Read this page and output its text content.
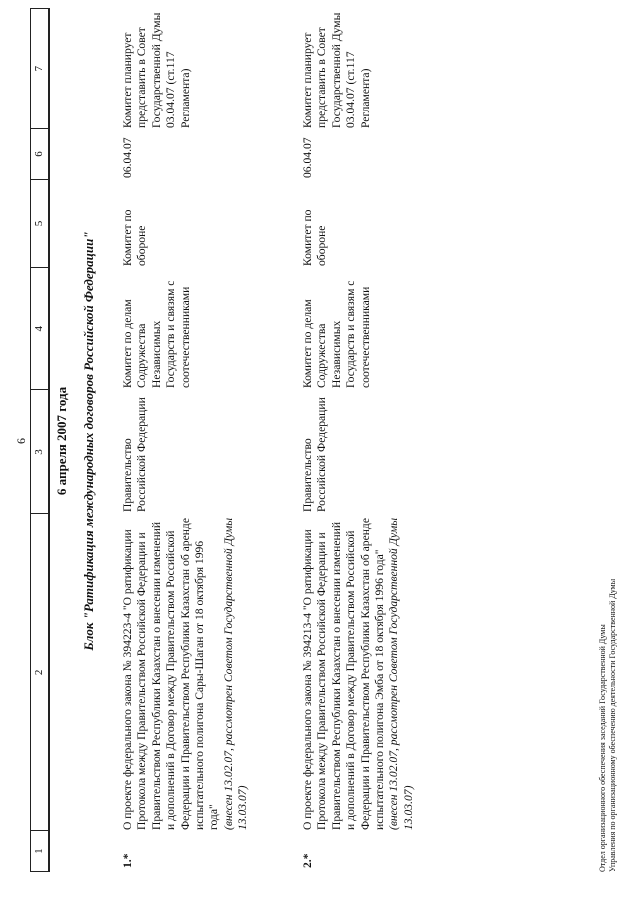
6
1
2
3
4
5
6
7
6 апреля 2007 года Блок "Ратификация международных договоров Российской Федерации"
1.*
О проекте федерального закона № 394223-4 "О ратификации Протокола между Правительством Российской Федерации и Правительством Республики Казахстан о внесении изменений и дополнений в Договор между Правительством Российской Федерации и Правительством Республики Казахстан об аренде испытательного полигона Сары-Шаган от 18 октября 1996 года" (внесен 13.02.07, рассмотрен Советом Государственной Думы 13.03.07)
Правительство Российской Федерации
Комитет по делам Содружества Независимых Государств и связям с соотечественниками
Комитет по обороне
06.04.07
Комитет планирует представить в Совет Государственной Думы 03.04.07 (ст.117 Регламента)
2.*
О проекте федерального закона № 394213-4 "О ратификации Протокола между Правительством Российской Федерации и Правительством Республики Казахстан о внесении изменений и дополнений в Договор между Правительством Российской Федерации и Правительством Республики Казахстан об аренде испытательного полигона Эмба от 18 октября 1996 года" (внесен 13.02.07, рассмотрен Советом Государственной Думы 13.03.07)
Правительство Российской Федерации
Комитет по делам Содружества Независимых Государств и связям с соотечественниками
Комитет по обороне
06.04.07
Комитет планирует представить в Совет Государственной Думы 03.04.07 (ст.117 Регламента)
Отдел организационного обеспечения заседаний Государственной Думы Управления по организационному обеспечению деятельности Государственной Думы
